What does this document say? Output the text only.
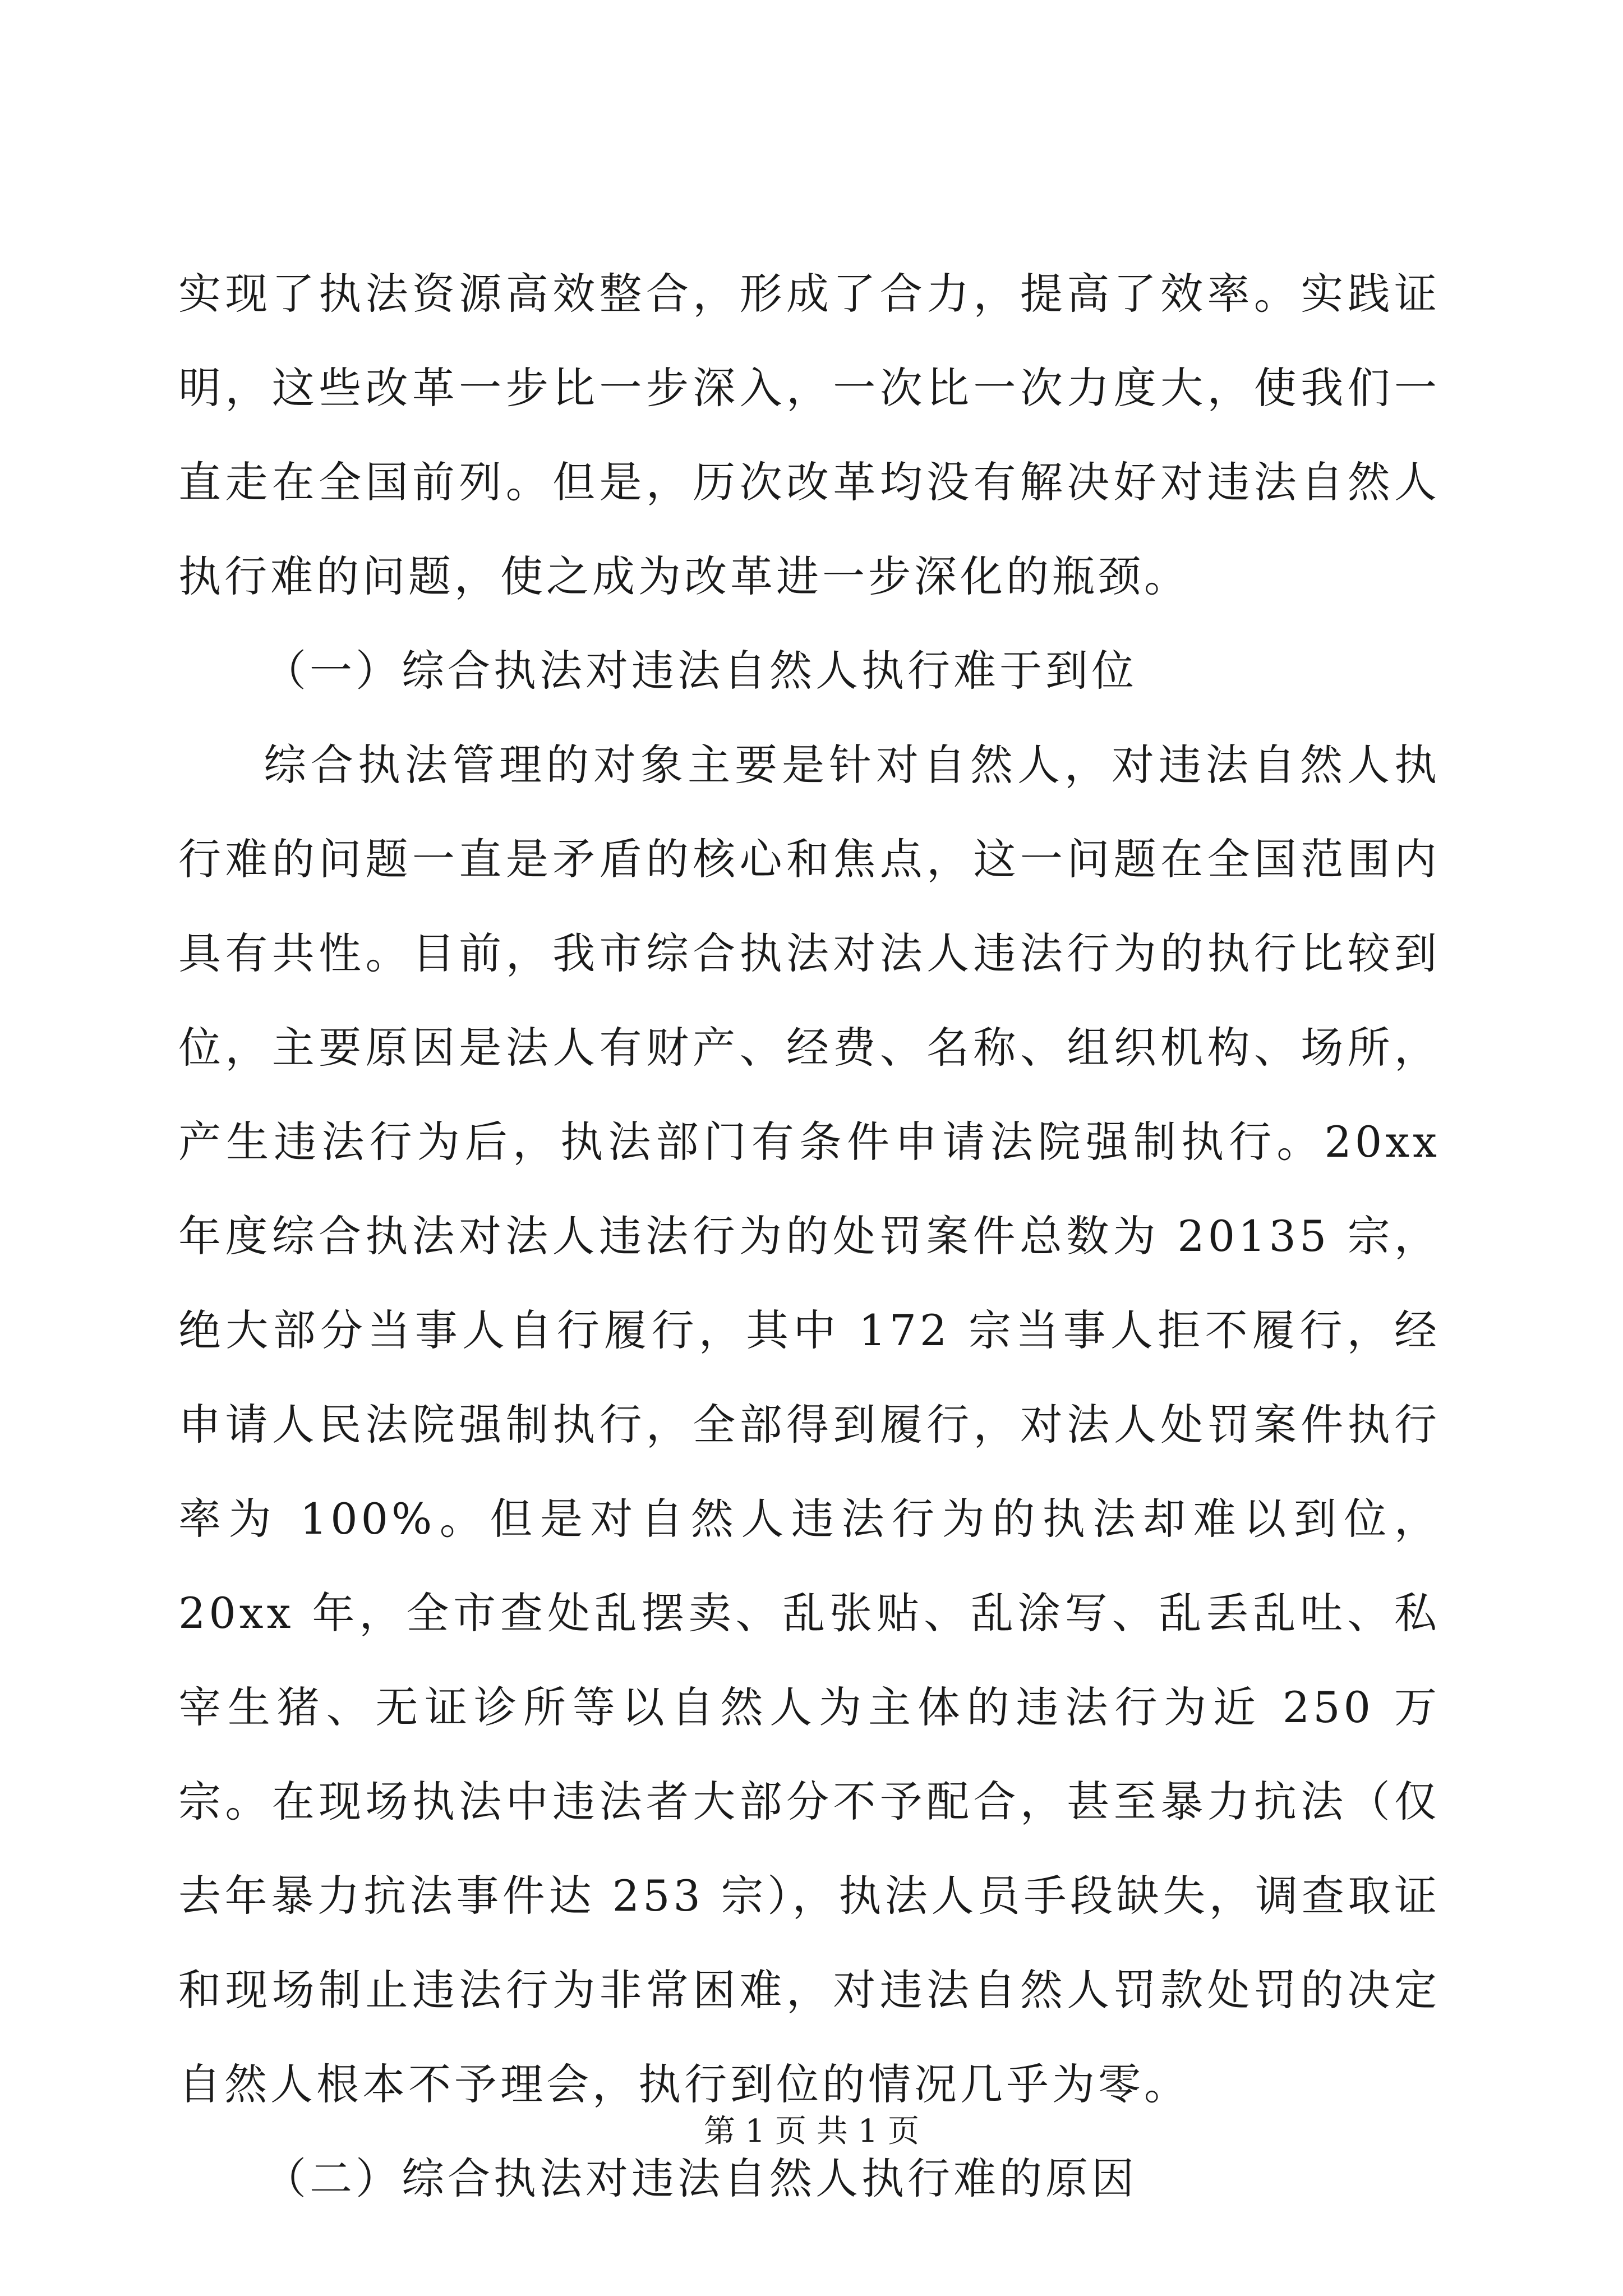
实现了执法资源高效整合，形成了合力，提高了效率。实践证明，这些改革一步比一步深入，一次比一次力度大，使我们一直走在全国前列。但是，历次改革均没有解决好对违法自然人执行难的问题，使之成为改革进一步深化的瓶颈。

（一）综合执法对违法自然人执行难于到位

综合执法管理的对象主要是针对自然人，对违法自然人执行难的问题一直是矛盾的核心和焦点，这一问题在全国范围内具有共性。目前，我市综合执法对法人违法行为的执行比较到位，主要原因是法人有财产、经费、名称、组织机构、场所，产生违法行为后，执法部门有条件申请法院强制执行。20xx 年度综合执法对法人违法行为的处罚案件总数为 20135 宗，绝大部分当事人自行履行，其中 172 宗当事人拒不履行，经申请人民法院强制执行，全部得到履行，对法人处罚案件执行率为 100%。但是对自然人违法行为的执法却难以到位，20xx 年，全市查处乱摆卖、乱张贴、乱涂写、乱丢乱吐、私宰生猪、无证诊所等以自然人为主体的违法行为近 250 万宗。在现场执法中违法者大部分不予配合，甚至暴力抗法（仅去年暴力抗法事件达 253 宗），执法人员手段缺失，调查取证和现场制止违法行为非常困难，对违法自然人罚款处罚的决定自然人根本不予理会，执行到位的情况几乎为零。

（二）综合执法对违法自然人执行难的原因

第 1 页 共 1 页
